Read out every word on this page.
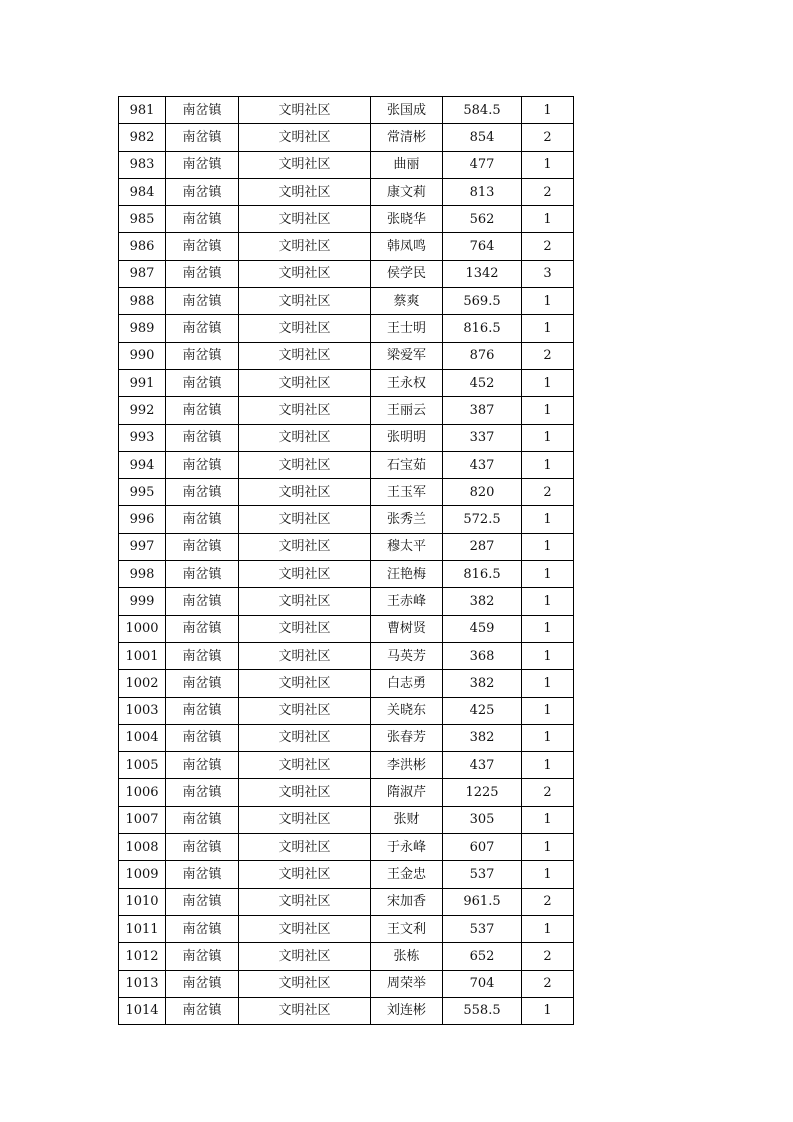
981	南岔镇	文明社区	张国成	584.5	1
982	南岔镇	文明社区	常清彬	854	2
983	南岔镇	文明社区	曲丽	477	1
984	南岔镇	文明社区	康文莉	813	2
985	南岔镇	文明社区	张晓华	562	1
986	南岔镇	文明社区	韩凤鸣	764	2
987	南岔镇	文明社区	侯学民	1342	3
988	南岔镇	文明社区	蔡爽	569.5	1
989	南岔镇	文明社区	王士明	816.5	1
990	南岔镇	文明社区	梁爱军	876	2
991	南岔镇	文明社区	王永权	452	1
992	南岔镇	文明社区	王丽云	387	1
993	南岔镇	文明社区	张明明	337	1
994	南岔镇	文明社区	石宝茹	437	1
995	南岔镇	文明社区	王玉军	820	2
996	南岔镇	文明社区	张秀兰	572.5	1
997	南岔镇	文明社区	穆太平	287	1
998	南岔镇	文明社区	汪艳梅	816.5	1
999	南岔镇	文明社区	王赤峰	382	1
1000	南岔镇	文明社区	曹树贤	459	1
1001	南岔镇	文明社区	马英芳	368	1
1002	南岔镇	文明社区	白志勇	382	1
1003	南岔镇	文明社区	关晓东	425	1
1004	南岔镇	文明社区	张春芳	382	1
1005	南岔镇	文明社区	李洪彬	437	1
1006	南岔镇	文明社区	隋淑芹	1225	2
1007	南岔镇	文明社区	张财	305	1
1008	南岔镇	文明社区	于永峰	607	1
1009	南岔镇	文明社区	王金忠	537	1
1010	南岔镇	文明社区	宋加香	961.5	2
1011	南岔镇	文明社区	王文利	537	1
1012	南岔镇	文明社区	张栋	652	2
1013	南岔镇	文明社区	周荣举	704	2
1014	南岔镇	文明社区	刘连彬	558.5	1
